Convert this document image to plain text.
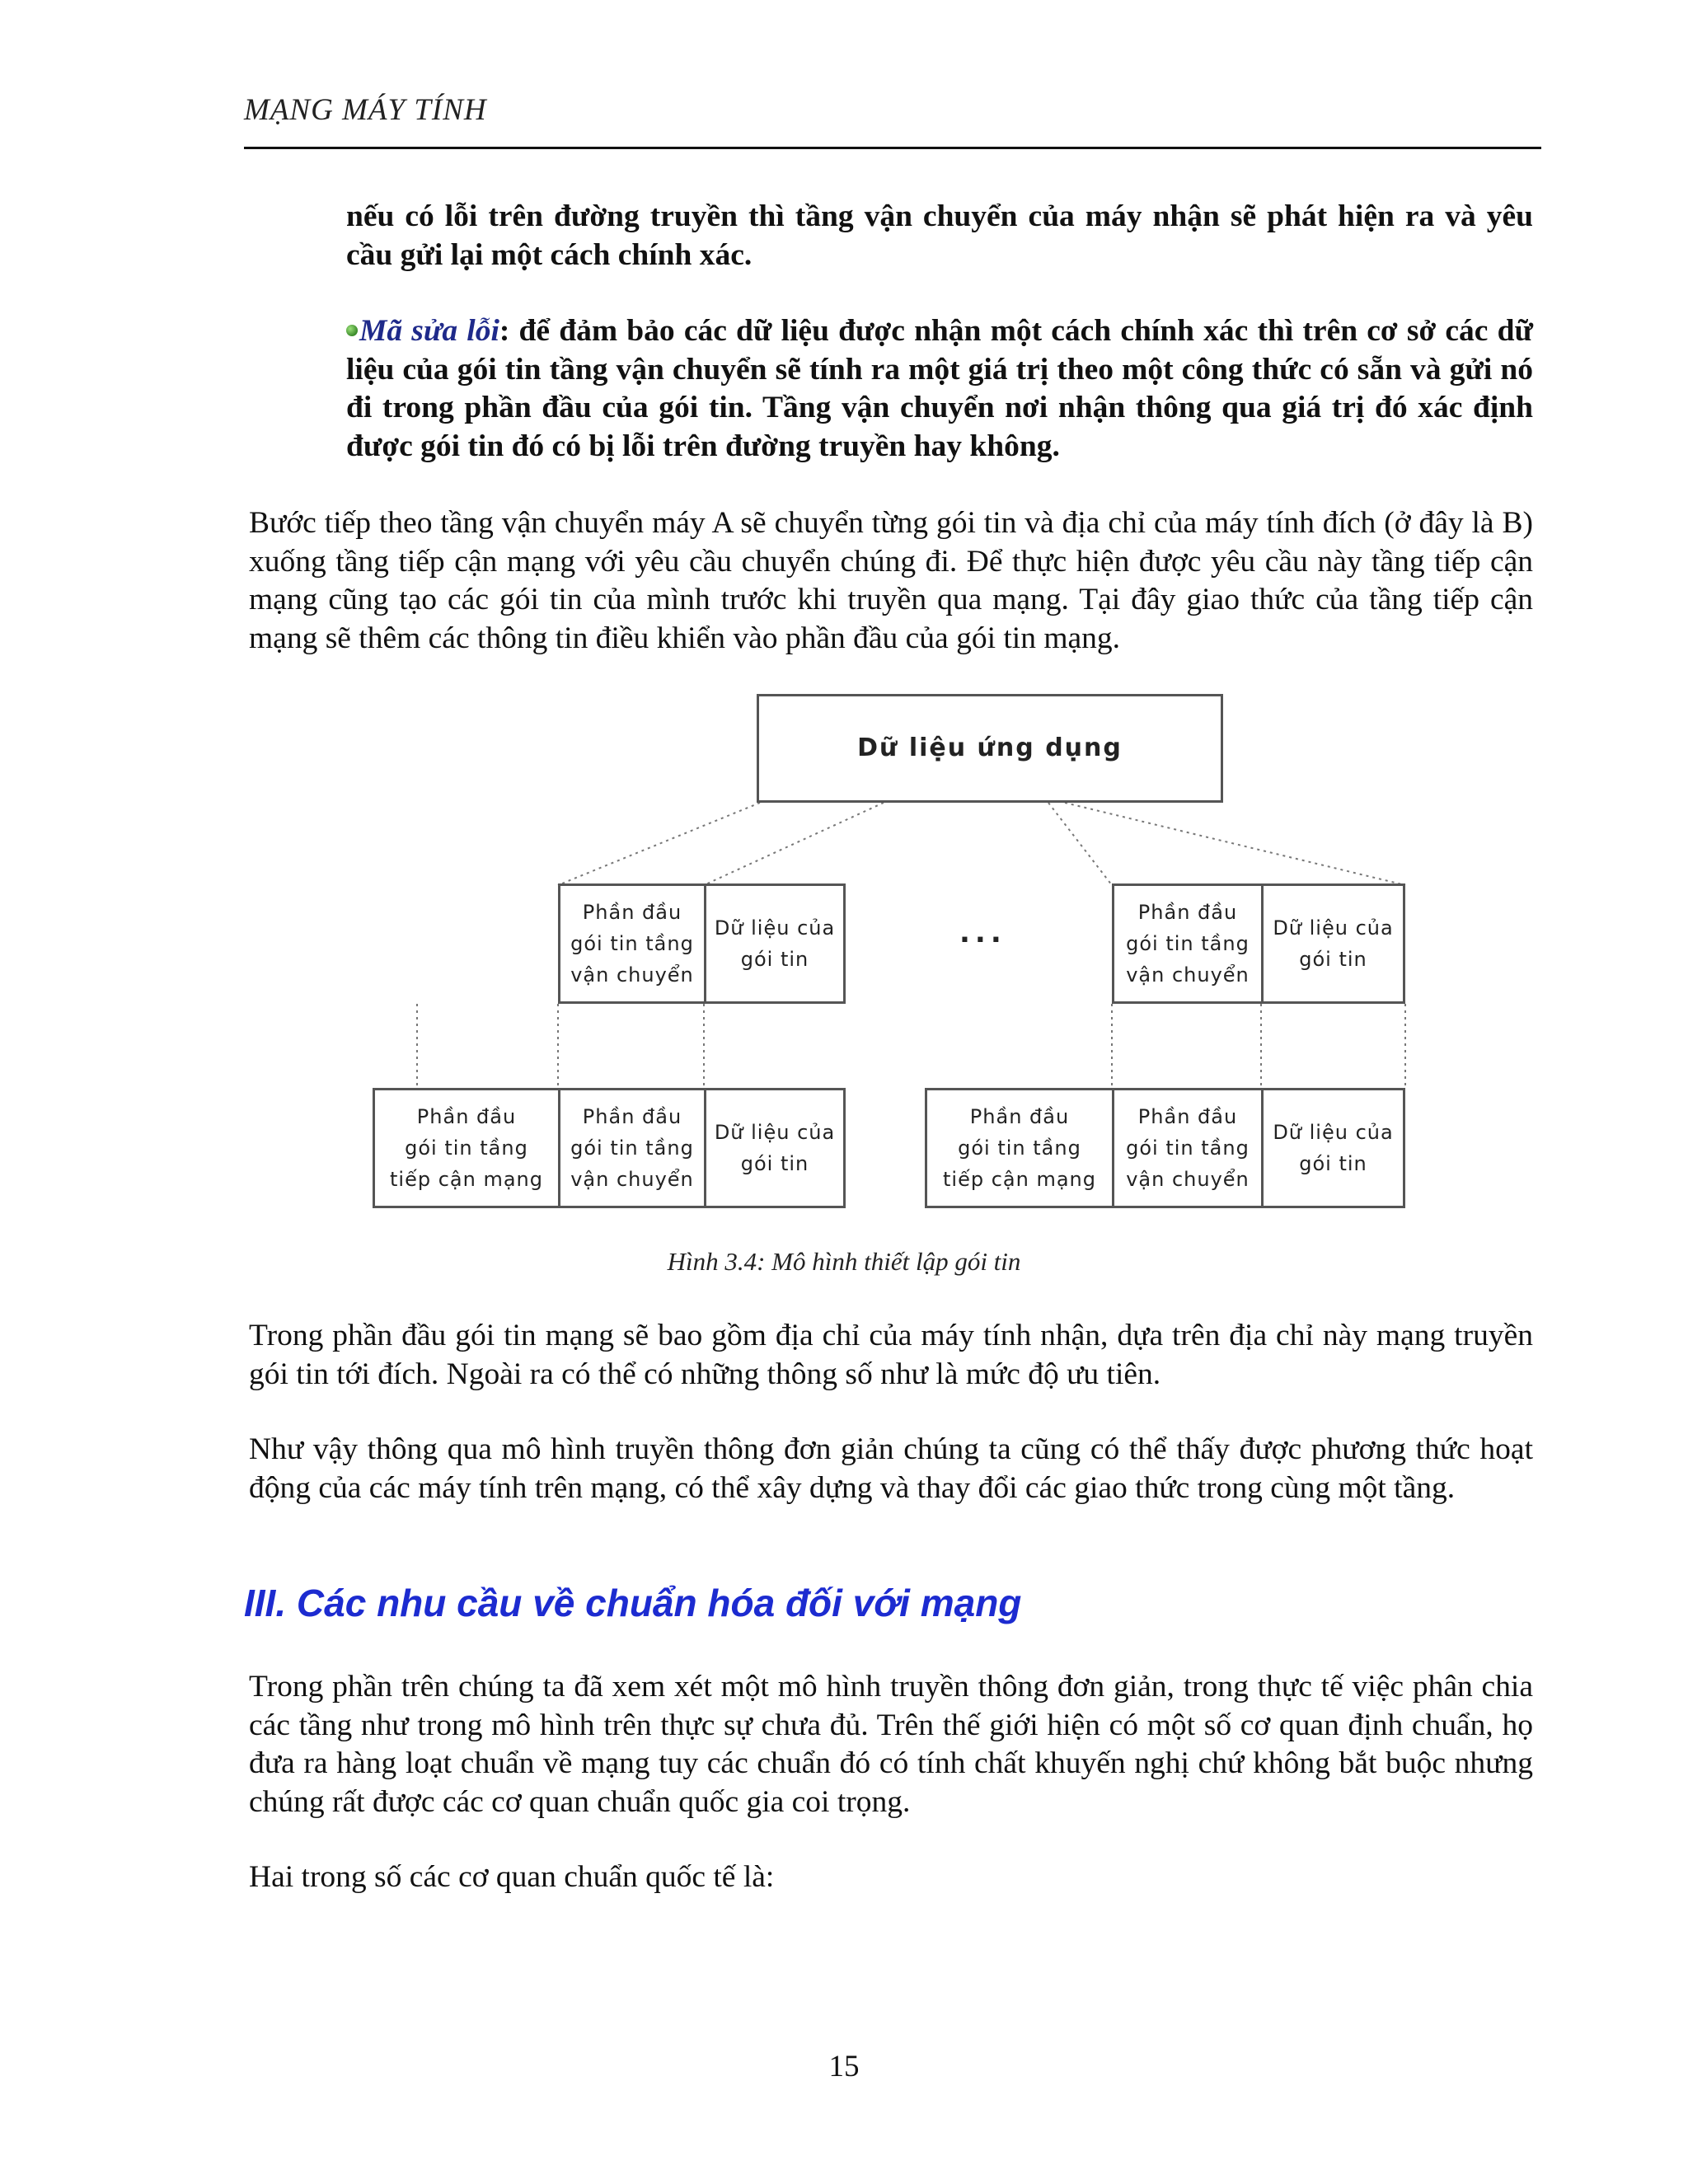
MẠNG MÁY TÍNH

nếu có lỗi trên đường truyền thì tầng vận chuyển của máy nhận sẽ phát hiện ra và yêu cầu gửi lại một cách chính xác.

Mã sửa lỗi: để đảm bảo các dữ liệu được nhận một cách chính xác thì trên cơ sở các dữ liệu của gói tin tầng vận chuyển sẽ tính ra một giá trị theo một công thức có sẵn và gửi nó đi trong phần đầu của gói tin. Tầng vận chuyển nơi nhận thông qua giá trị đó xác định được gói tin đó có bị lỗi trên đường truyền hay không.

Bước tiếp theo tầng vận chuyển máy A sẽ chuyển từng gói tin và địa chỉ của máy tính đích (ở đây là B) xuống tầng tiếp cận mạng với yêu cầu chuyển chúng đi. Để thực hiện được yêu cầu này tầng tiếp cận mạng cũng tạo các gói tin của mình trước khi truyền qua mạng. Tại đây giao thức của tầng tiếp cận mạng sẽ thêm các thông tin điều khiển vào phần đầu của gói tin mạng.

Dữ liệu ứng dụng
Phần đầu
gói tin tầng
vận chuyển
Dữ liệu của
gói tin
...
Phần đầu
gói tin tầng
vận chuyển
Dữ liệu của
gói tin
Phần đầu
gói tin tầng
tiếp cận mạng
Phần đầu
gói tin tầng
vận chuyển
Dữ liệu của
gói tin
Phần đầu
gói tin tầng
tiếp cận mạng
Phần đầu
gói tin tầng
vận chuyển
Dữ liệu của
gói tin
Hình 3.4: Mô hình thiết lập gói tin

Trong phần đầu gói tin mạng sẽ bao gồm địa chỉ của máy tính nhận, dựa trên địa chỉ này mạng truyền gói tin tới đích. Ngoài ra có thể có những thông số như là mức độ ưu tiên.

Như vậy thông qua mô hình truyền thông đơn giản chúng ta cũng có thể thấy được phương thức hoạt động của các máy tính trên mạng, có thể xây dựng và thay đổi các giao thức trong cùng một tầng.

III. Các nhu cầu về chuẩn hóa đối với mạng

Trong phần trên chúng ta đã xem xét một mô hình truyền thông đơn giản, trong thực tế việc phân chia các tầng như trong mô hình trên thực sự chưa đủ. Trên thế giới hiện có một số cơ quan định chuẩn, họ đưa ra hàng loạt chuẩn về mạng tuy các chuẩn đó có tính chất khuyến nghị chứ không bắt buộc nhưng chúng rất được các cơ quan chuẩn quốc gia coi trọng.

Hai trong số các cơ quan chuẩn quốc tế là:

15
